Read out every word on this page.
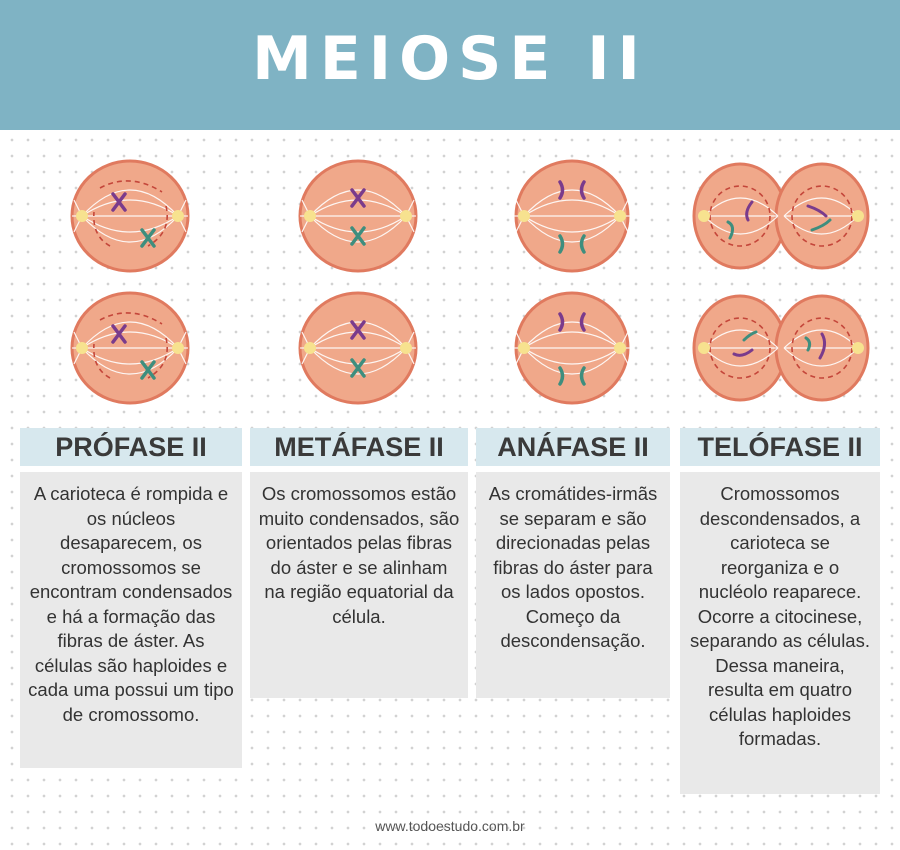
MEIOSE II
PRÓFASE II	METÁFASE II	ANÁFASE II	TELÓFASE II
A carioteca é rompida e os núcleos desaparecem, os cromossomos se encontram condensados e há a formação das fibras de áster. As células são haploides e cada uma possui um tipo de cromossomo.
Os cromossomos estão muito condensados, são orientados pelas fibras do áster e se alinham na região equatorial da célula.
As cromátides-irmãs se separam e são direcionadas pelas fibras do áster para os lados opostos. Começo da descondensação.
Cromossomos descondensados, a carioteca se reorganiza e o nucléolo reaparece. Ocorre a citocinese, separando as células. Dessa maneira, resulta em quatro células haploides formadas.
www.todoestudo.com.br
